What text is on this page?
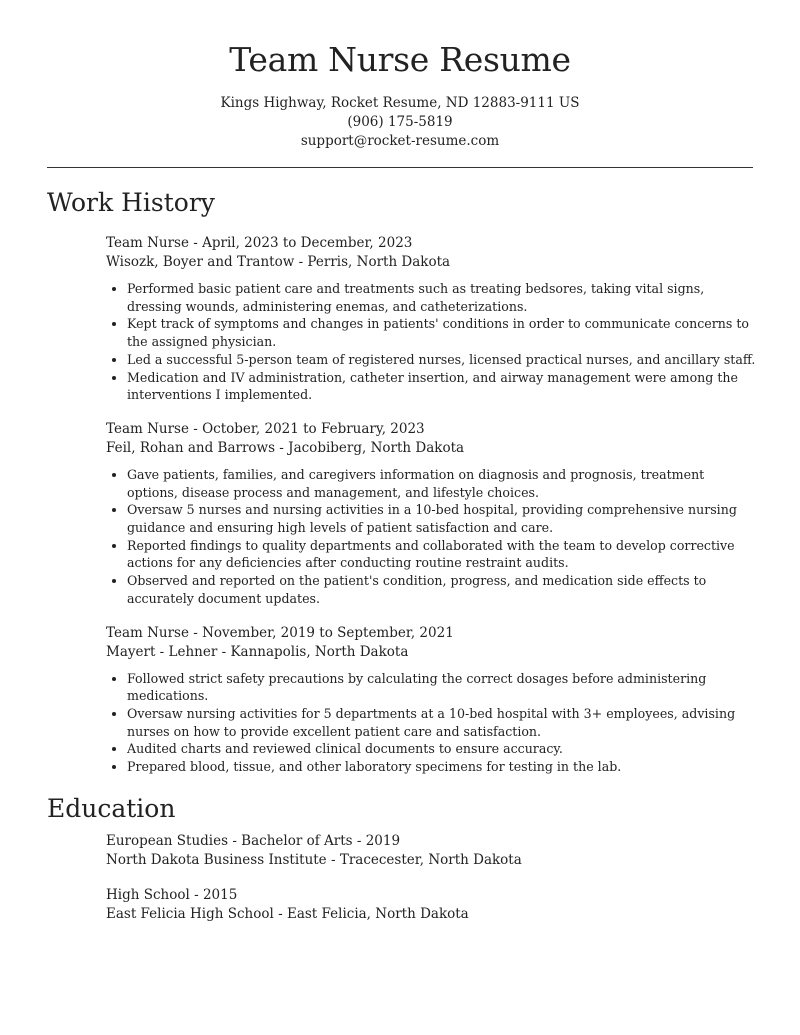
Team Nurse Resume
Kings Highway, Rocket Resume, ND 12883-9111 US
(906) 175-5819
support@rocket-resume.com
Work History
Team Nurse - April, 2023 to December, 2023
Wisozk, Boyer and Trantow - Perris, North Dakota
• Performed basic patient care and treatments such as treating bedsores, taking vital signs, dressing wounds, administering enemas, and catheterizations.
• Kept track of symptoms and changes in patients' conditions in order to communicate concerns to the assigned physician.
• Led a successful 5-person team of registered nurses, licensed practical nurses, and ancillary staff.
• Medication and IV administration, catheter insertion, and airway management were among the interventions I implemented.
Team Nurse - October, 2021 to February, 2023
Feil, Rohan and Barrows - Jacobiberg, North Dakota
• Gave patients, families, and caregivers information on diagnosis and prognosis, treatment options, disease process and management, and lifestyle choices.
• Oversaw 5 nurses and nursing activities in a 10-bed hospital, providing comprehensive nursing guidance and ensuring high levels of patient satisfaction and care.
• Reported findings to quality departments and collaborated with the team to develop corrective actions for any deficiencies after conducting routine restraint audits.
• Observed and reported on the patient's condition, progress, and medication side effects to accurately document updates.
Team Nurse - November, 2019 to September, 2021
Mayert - Lehner - Kannapolis, North Dakota
• Followed strict safety precautions by calculating the correct dosages before administering medications.
• Oversaw nursing activities for 5 departments at a 10-bed hospital with 3+ employees, advising nurses on how to provide excellent patient care and satisfaction.
• Audited charts and reviewed clinical documents to ensure accuracy.
• Prepared blood, tissue, and other laboratory specimens for testing in the lab.
Education
European Studies - Bachelor of Arts - 2019
North Dakota Business Institute - Tracecester, North Dakota
High School - 2015
East Felicia High School - East Felicia, North Dakota
